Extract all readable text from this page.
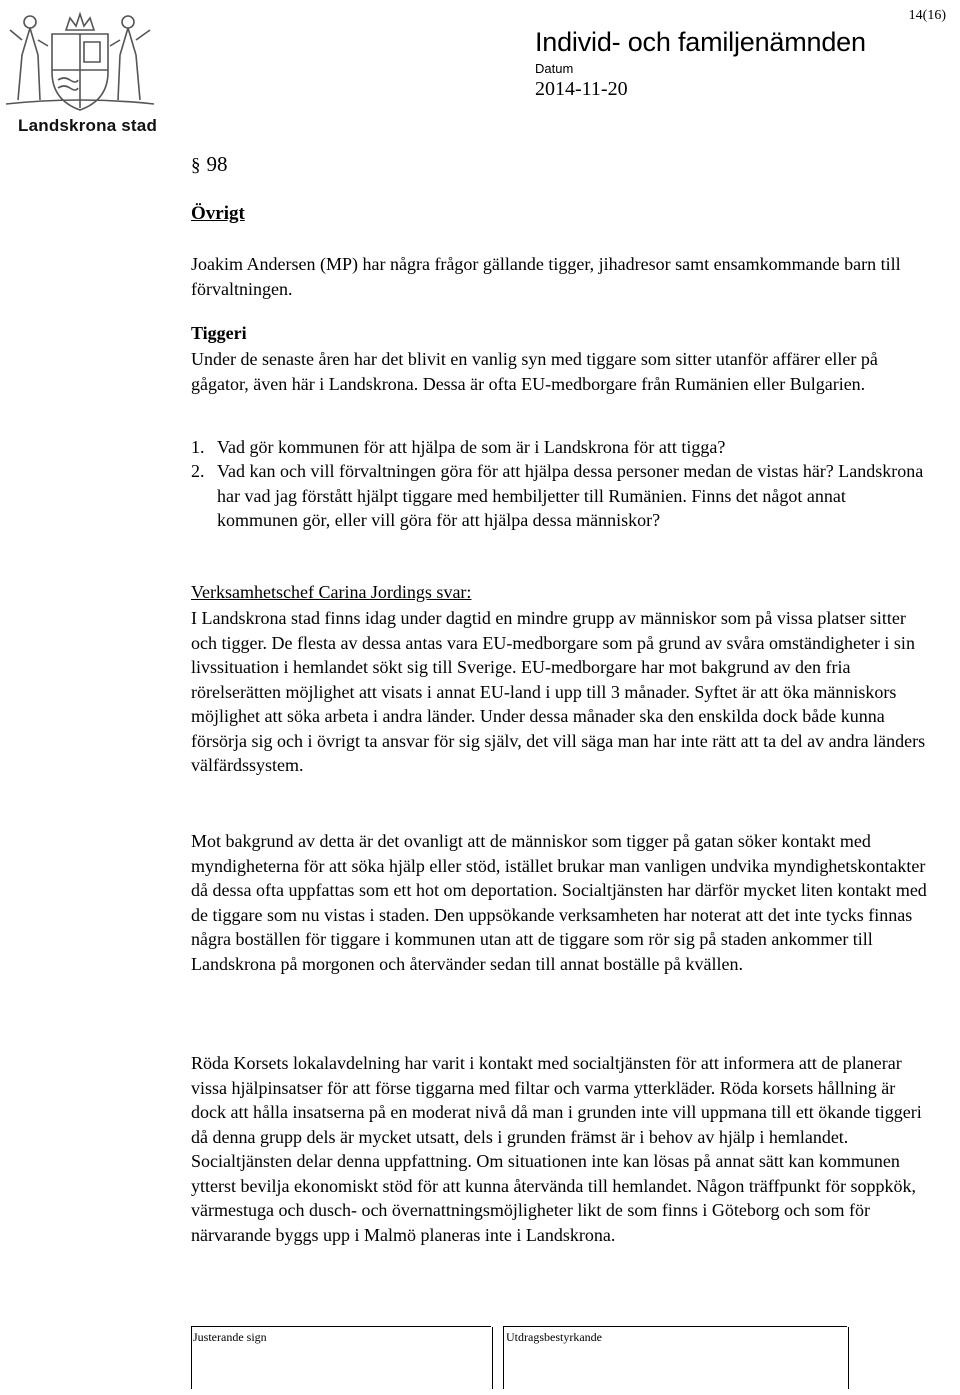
Landskrona stad
14(16)
Individ- och familjenämnden
Datum
2014-11-20
§ 98
Övrigt

Joakim Andersen (MP) har några frågor gällande tigger, jihadresor samt ensamkommande barn till förvaltningen.

Tiggeri

Under de senaste åren har det blivit en vanlig syn med tiggare som sitter utanför affärer eller på gågator, även här i Landskrona. Dessa är ofta EU-medborgare från Rumänien eller Bulgarien.

1. Vad gör kommunen för att hjälpa de som är i Landskrona för att tigga?
2. Vad kan och vill förvaltningen göra för att hjälpa dessa personer medan de vistas här? Landskrona har vad jag förstått hjälpt tiggare med hembiljetter till Rumänien. Finns det något annat kommunen gör, eller vill göra för att hjälpa dessa människor?
Verksamhetschef Carina Jordings svar:

I Landskrona stad finns idag under dagtid en mindre grupp av människor som på vissa platser sitter och tigger. De flesta av dessa antas vara EU-medborgare som på grund av svåra omständigheter i sin livssituation i hemlandet sökt sig till Sverige. EU-medborgare har mot bakgrund av den fria rörelserätten möjlighet att visats i annat EU-land i upp till 3 månader. Syftet är att öka människors möjlighet att söka arbeta i andra länder. Under dessa månader ska den enskilda dock både kunna försörja sig och i övrigt ta ansvar för sig själv, det vill säga man har inte rätt att ta del av andra länders välfärdssystem.

Mot bakgrund av detta är det ovanligt att de människor som tigger på gatan söker kontakt med myndigheterna för att söka hjälp eller stöd, istället brukar man vanligen undvika myndighetskontakter då dessa ofta uppfattas som ett hot om deportation. Socialtjänsten har därför mycket liten kontakt med de tiggare som nu vistas i staden. Den uppsökande verksamheten har noterat att det inte tycks finnas några boställen för tiggare i kommunen utan att de tiggare som rör sig på staden ankommer till Landskrona på morgonen och återvänder sedan till annat boställe på kvällen.

Röda Korsets lokalavdelning har varit i kontakt med socialtjänsten för att informera att de planerar vissa hjälpinsatser för att förse tiggarna med filtar och varma ytterkläder. Röda korsets hållning är dock att hålla insatserna på en moderat nivå då man i grunden inte vill uppmana till ett ökande tiggeri då denna grupp dels är mycket utsatt, dels i grunden främst är i behov av hjälp i hemlandet. Socialtjänsten delar denna uppfattning. Om situationen inte kan lösas på annat sätt kan kommunen ytterst bevilja ekonomiskt stöd för att kunna återvända till hemlandet. Någon träffpunkt för soppkök, värmestuga och dusch- och övernattningsmöjligheter likt de som finns i Göteborg och som för närvarande byggs upp i Malmö planeras inte i Landskrona.

Justerande sign	Utdragsbestyrkande
